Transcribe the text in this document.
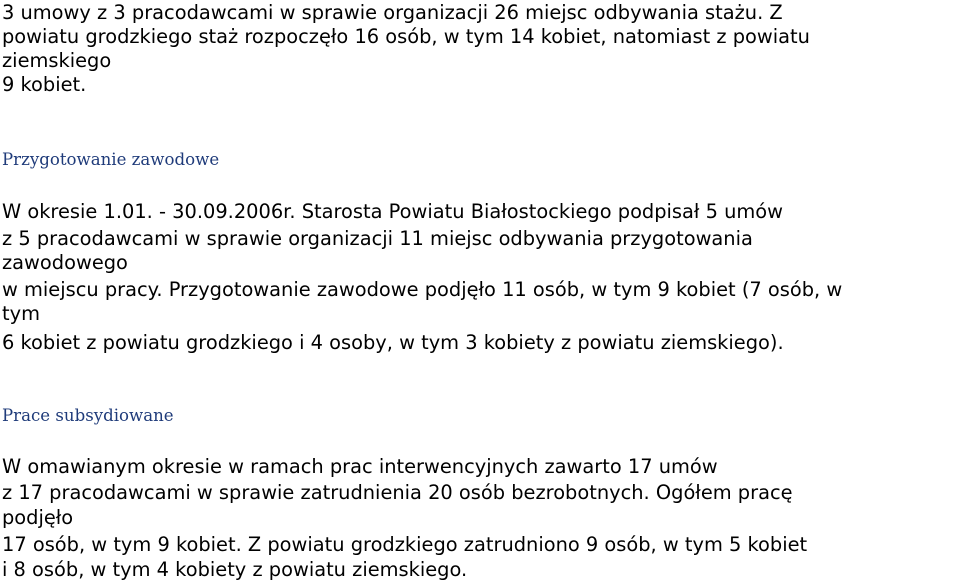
3 umowy z 3 pracodawcami w sprawie organizacji 26 miejsc odbywania stażu. Z
powiatu grodzkiego staż rozpoczęło 16 osób, w tym 14 kobiet, natomiast z powiatu
ziemskiego
9 kobiet.
Przygotowanie zawodowe
W okresie 1.01. - 30.09.2006r. Starosta Powiatu Białostockiego podpisał 5 umów
z 5 pracodawcami w sprawie organizacji 11 miejsc odbywania przygotowania
zawodowego
w miejscu pracy. Przygotowanie zawodowe podjęło 11 osób, w tym 9 kobiet (7 osób, w
tym
6 kobiet z powiatu grodzkiego i 4 osoby, w tym 3 kobiety z powiatu ziemskiego).
Prace subsydiowane
W omawianym okresie w ramach prac interwencyjnych zawarto 17 umów
z 17 pracodawcami w sprawie zatrudnienia 20 osób bezrobotnych. Ogółem pracę
podjęło
17 osób, w tym 9 kobiet. Z powiatu grodzkiego zatrudniono 9 osób, w tym 5 kobiet
i 8 osób, w tym 4 kobiety z powiatu ziemskiego.
